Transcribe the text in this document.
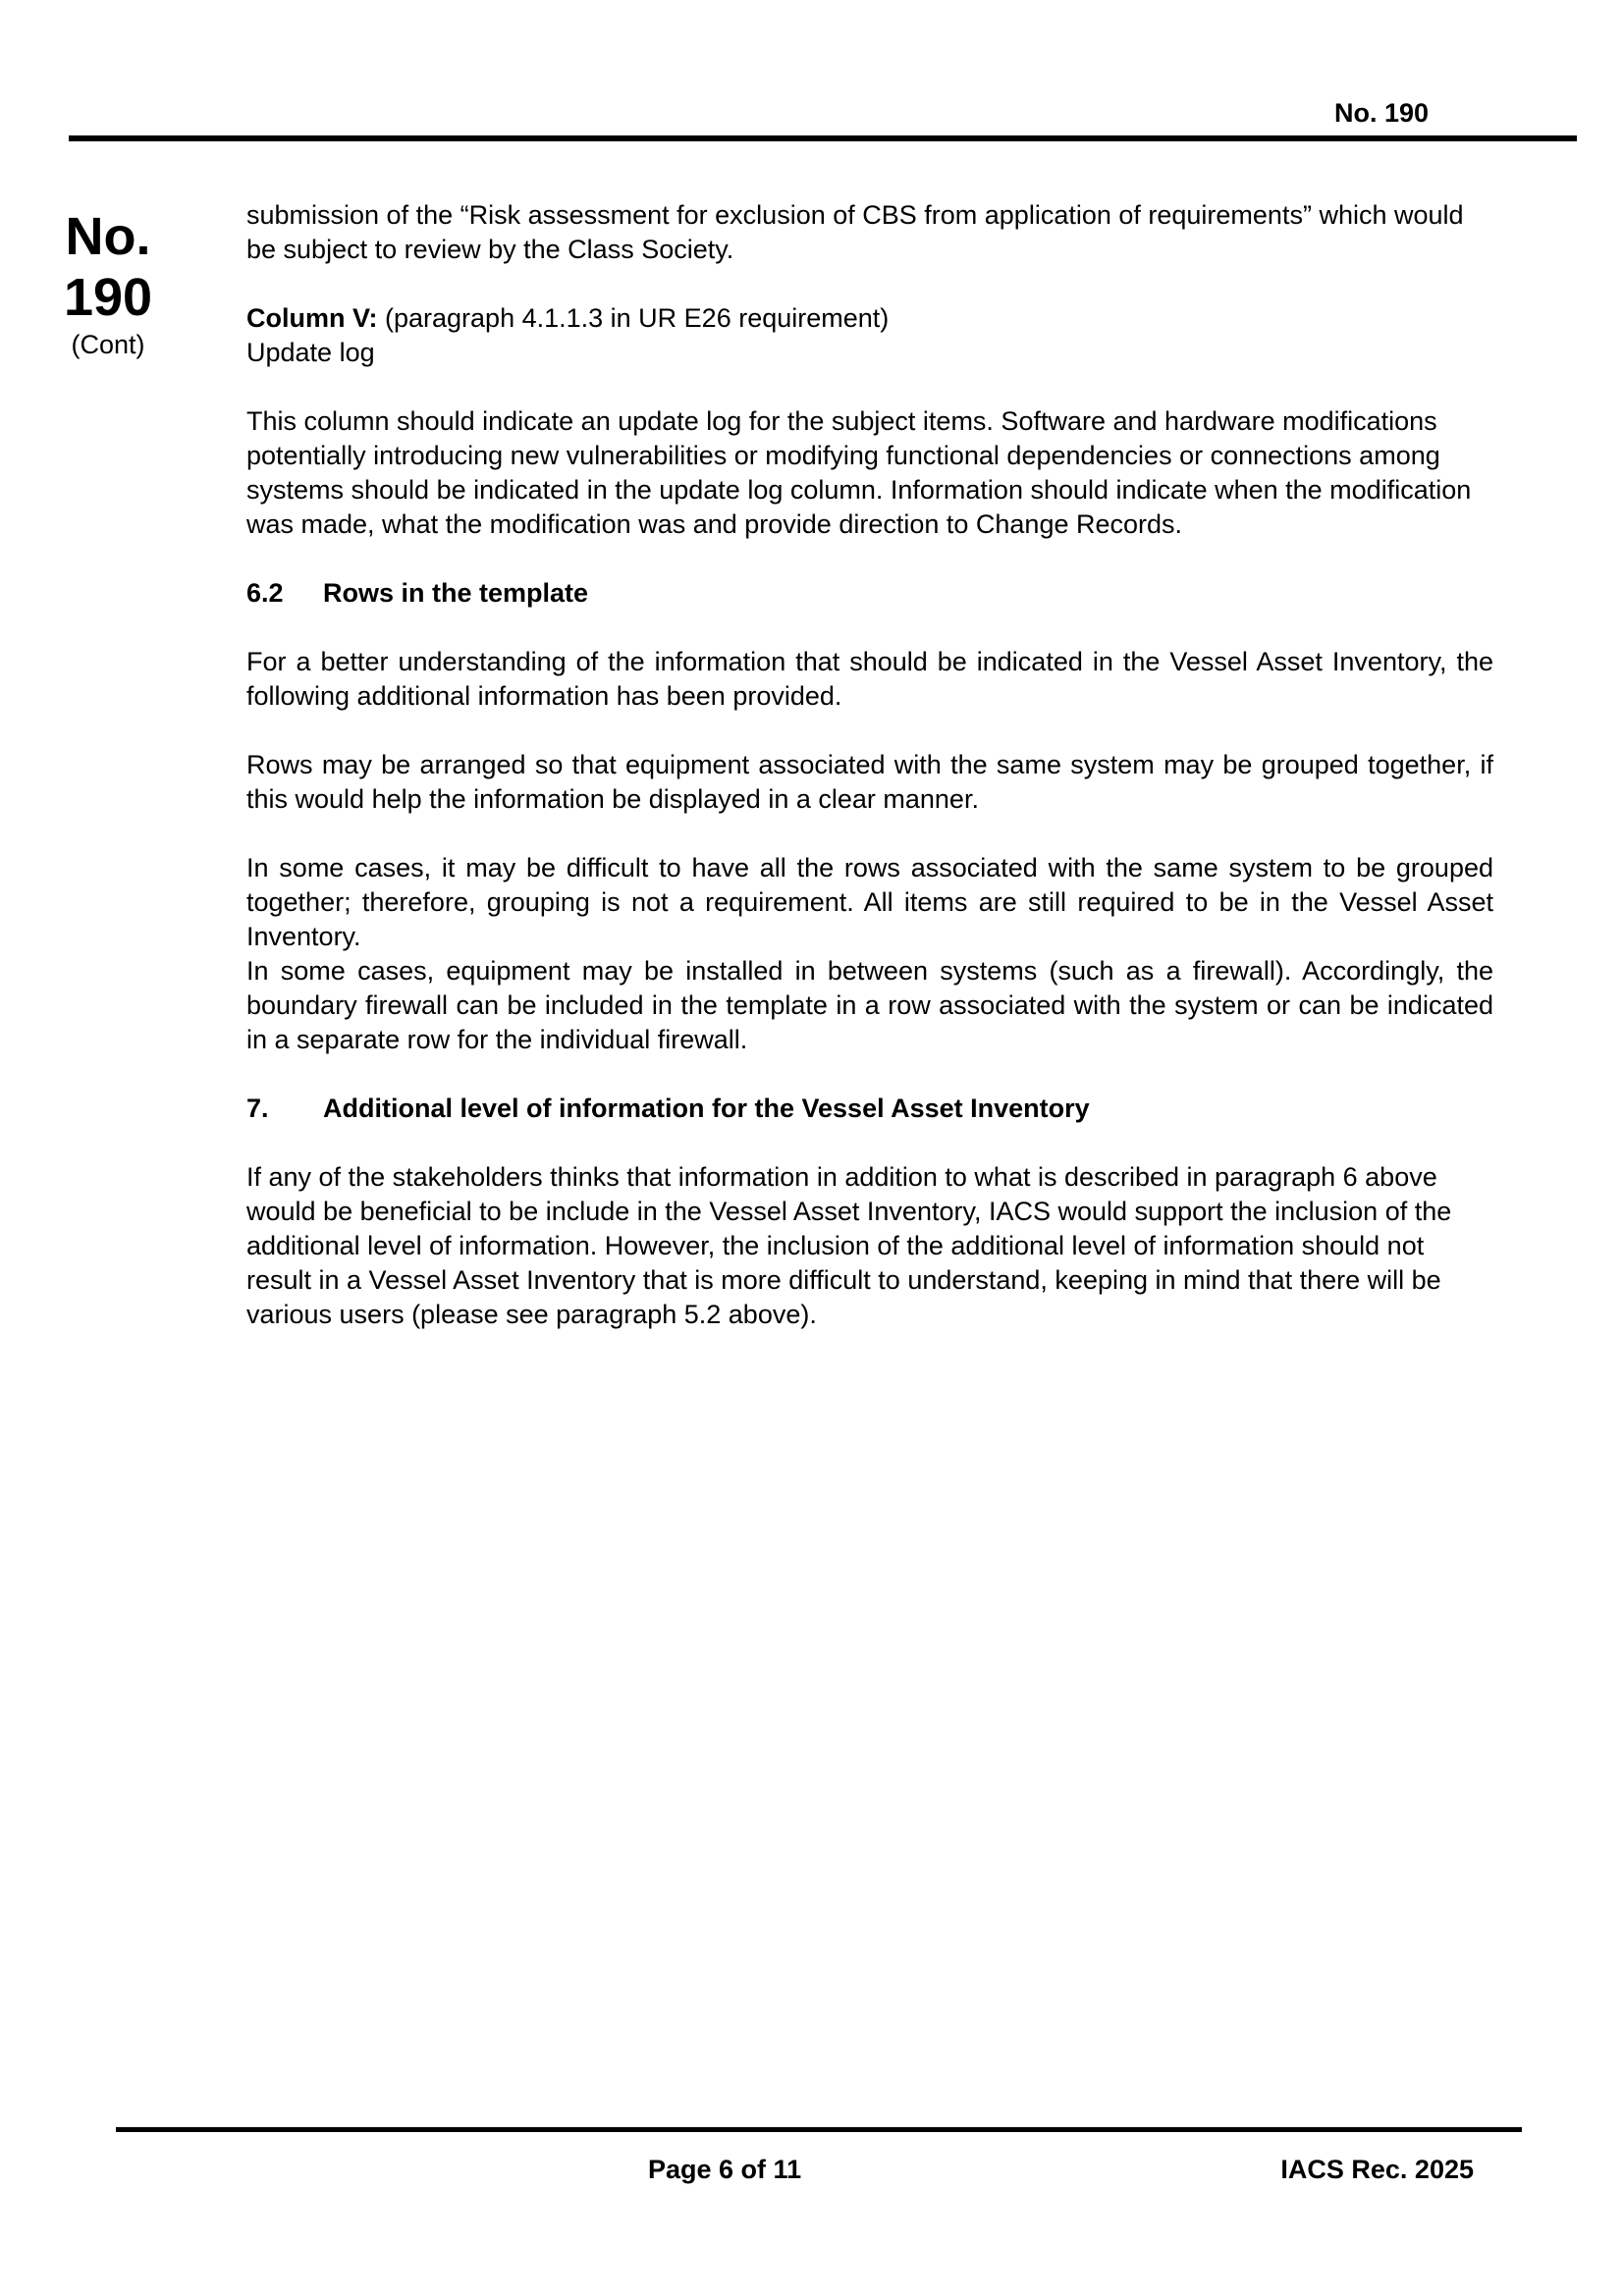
No. 190
No.
190
(Cont)

submission of the “Risk assessment for exclusion of CBS from application of requirements” which would be subject to review by the Class Society.

Column V: (paragraph 4.1.1.3 in UR E26 requirement)

Update log

This column should indicate an update log for the subject items. Software and hardware modifications potentially introducing new vulnerabilities or modifying functional dependencies or connections among systems should be indicated in the update log column. Information should indicate when the modification was made, what the modification was and provide direction to Change Records.

6.2 Rows in the template

For a better understanding of the information that should be indicated in the Vessel Asset Inventory, the following additional information has been provided.

Rows may be arranged so that equipment associated with the same system may be grouped together, if this would help the information be displayed in a clear manner.

In some cases, it may be difficult to have all the rows associated with the same system to be grouped together; therefore, grouping is not a requirement. All items are still required to be in the Vessel Asset Inventory.

In some cases, equipment may be installed in between systems (such as a firewall). Accordingly, the boundary firewall can be included in the template in a row associated with the system or can be indicated in a separate row for the individual firewall.

7. Additional level of information for the Vessel Asset Inventory

If any of the stakeholders thinks that information in addition to what is described in paragraph 6 above would be beneficial to be include in the Vessel Asset Inventory, IACS would support the inclusion of the additional level of information. However, the inclusion of the additional level of information should not result in a Vessel Asset Inventory that is more difficult to understand, keeping in mind that there will be various users (please see paragraph 5.2 above).

Page 6 of 11	IACS Rec. 2025
